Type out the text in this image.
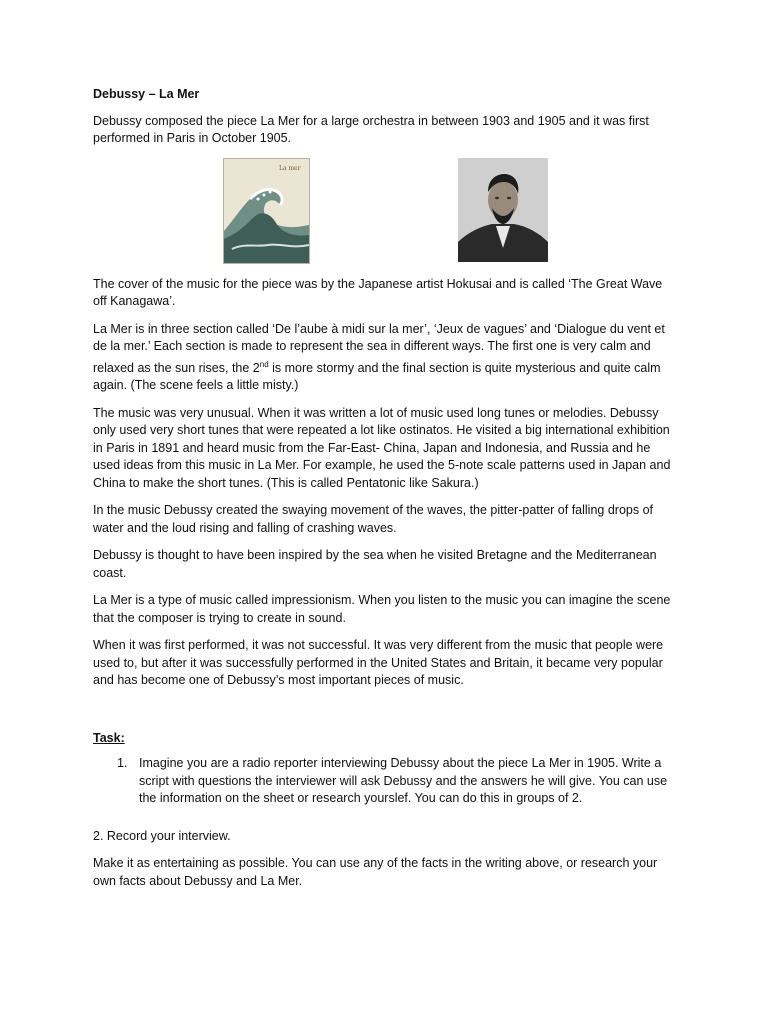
Debussy – La Mer

Debussy composed the piece La Mer for a large orchestra in between 1903 and 1905 and it was first performed in Paris in October 1905.

La mer

The cover of the music for the piece was by the Japanese artist Hokusai and is called ‘The Great Wave off Kanagawa’.

La Mer is in three section called ‘De l’aube à midi sur la mer’, ‘Jeux de vagues’ and ‘Dialogue du vent et de la mer.’ Each section is made to represent the sea in different ways. The first one is very calm and relaxed as the sun rises, the 2nd is more stormy and the final section is quite mysterious and quite calm again. (The scene feels a little misty.)

The music was very unusual. When it was written a lot of music used long tunes or melodies. Debussy only used very short tunes that were repeated a lot like ostinatos. He visited a big international exhibition in Paris in 1891 and heard music from the Far-East- China, Japan and Indonesia, and Russia and he used ideas from this music in La Mer. For example, he used the 5-note scale patterns used in Japan and China to make the short tunes. (This is called Pentatonic like Sakura.)

In the music Debussy created the swaying movement of the waves, the pitter-patter of falling drops of water and the loud rising and falling of crashing waves.

Debussy is thought to have been inspired by the sea when he visited Bretagne and the Mediterranean coast.

La Mer is a type of music called impressionism. When you listen to the music you can imagine the scene that the composer is trying to create in sound.

When it was first performed, it was not successful. It was very different from the music that people were used to, but after it was successfully performed in the United States and Britain, it became very popular and has become one of Debussy’s most important pieces of music.

Task:
1. Imagine you are a radio reporter interviewing Debussy about the piece La Mer in 1905. Write a script with questions the interviewer will ask Debussy and the answers he will give. You can use the information on the sheet or research yourslef. You can do this in groups of 2.

2. Record your interview.

Make it as entertaining as possible. You can use any of the facts in the writing above, or research your own facts about Debussy and La Mer.
